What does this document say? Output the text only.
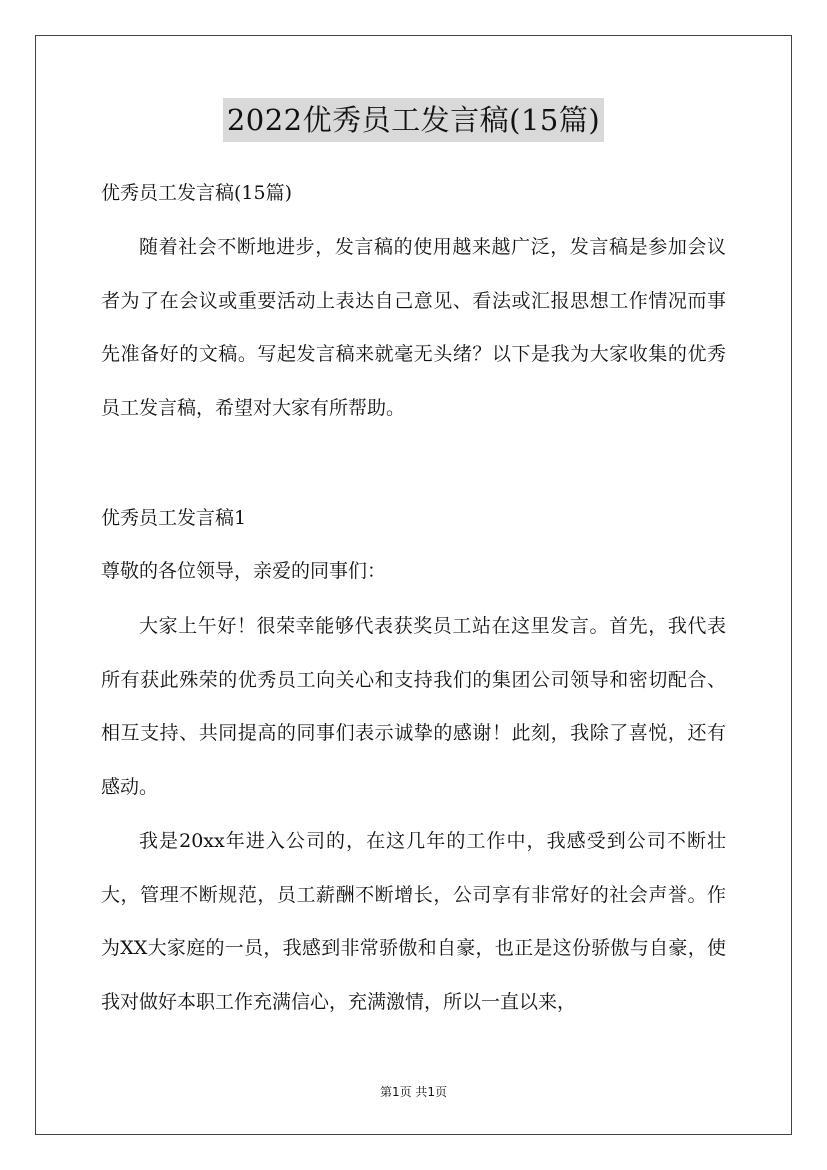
2022优秀员工发言稿(15篇)
优秀员工发言稿(15篇)

随着社会不断地进步，发言稿的使用越来越广泛，发言稿是参加会议者为了在会议或重要活动上表达自己意见、看法或汇报思想工作情况而事先准备好的文稿。写起发言稿来就毫无头绪？以下是我为大家收集的优秀员工发言稿，希望对大家有所帮助。

优秀员工发言稿1
尊敬的各位领导，亲爱的同事们：

大家上午好！很荣幸能够代表获奖员工站在这里发言。首先，我代表所有获此殊荣的优秀员工向关心和支持我们的集团公司领导和密切配合、相互支持、共同提高的同事们表示诚挚的感谢！此刻，我除了喜悦，还有感动。

我是20xx年进入公司的，在这几年的工作中，我感受到公司不断壮大，管理不断规范，员工薪酬不断增长，公司享有非常好的社会声誉。作为XX大家庭的一员，我感到非常骄傲和自豪，也正是这份骄傲与自豪，使我对做好本职工作充满信心，充满激情，所以一直以来，

第1页 共1页
